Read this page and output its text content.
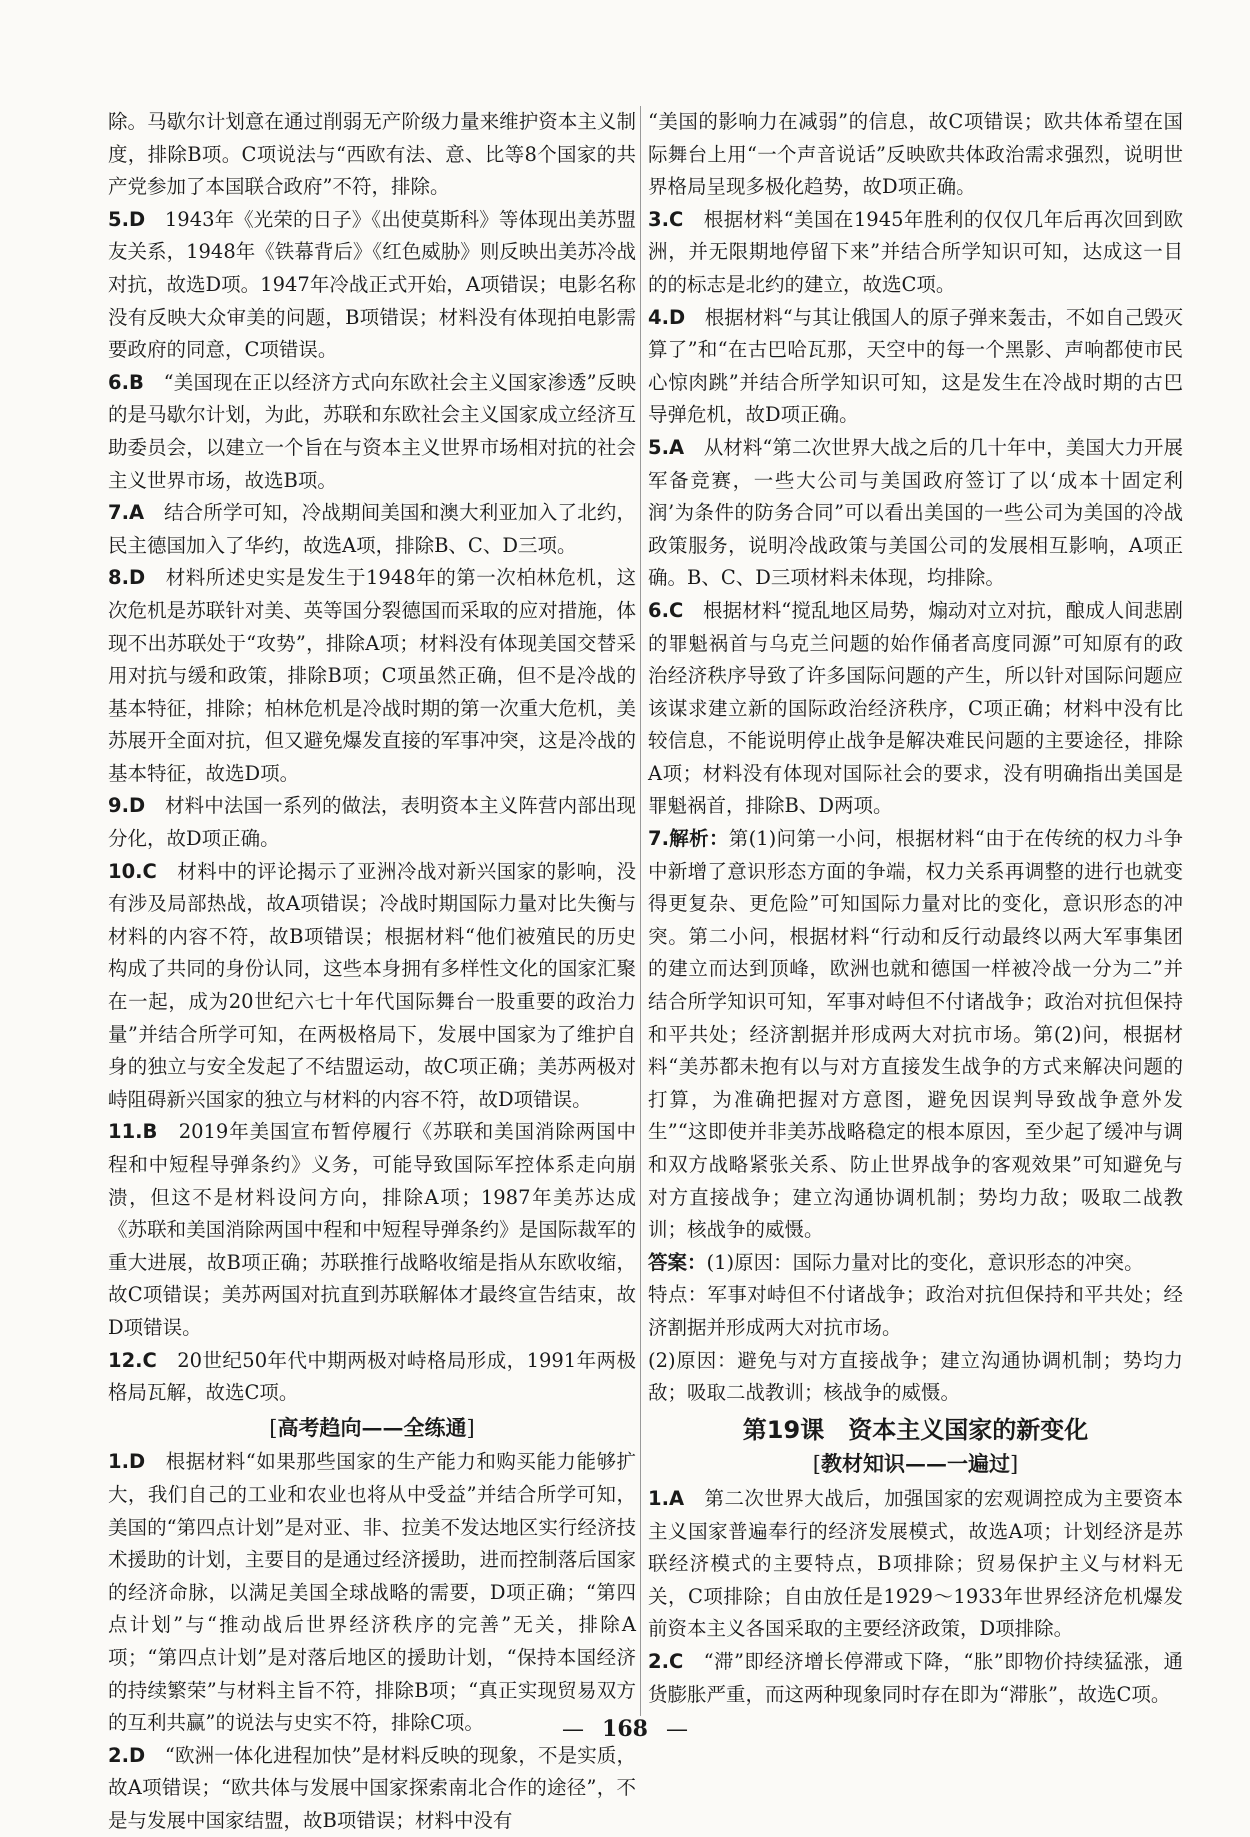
除。马歇尔计划意在通过削弱无产阶级力量来维护资本主义制度，排除B项。C项说法与“西欧有法、意、比等8个国家的共产党参加了本国联合政府”不符，排除。

5.D　 1943年《光荣的日子》《出使莫斯科》等体现出美苏盟友关系，1948年《铁幕背后》《红色威胁》则反映出美苏冷战对抗，故选D项。1947年冷战正式开始，A项错误；电影名称没有反映大众审美的问题，B项错误；材料没有体现拍电影需要政府的同意，C项错误。

6.B　 “美国现在正以经济方式向东欧社会主义国家渗透”反映的是马歇尔计划，为此，苏联和东欧社会主义国家成立经济互助委员会，以建立一个旨在与资本主义世界市场相对抗的社会主义世界市场，故选B项。

7.A　 结合所学可知，冷战期间美国和澳大利亚加入了北约，民主德国加入了华约，故选A项，排除B、C、D三项。

8.D　 材料所述史实是发生于1948年的第一次柏林危机，这次危机是苏联针对美、英等国分裂德国而采取的应对措施，体现不出苏联处于“攻势”，排除A项；材料没有体现美国交替采用对抗与缓和政策，排除B项；C项虽然正确，但不是冷战的基本特征，排除；柏林危机是冷战时期的第一次重大危机，美苏展开全面对抗，但又避免爆发直接的军事冲突，这是冷战的基本特征，故选D项。

9.D　 材料中法国一系列的做法，表明资本主义阵营内部出现分化，故D项正确。

10.C　 材料中的评论揭示了亚洲冷战对新兴国家的影响，没有涉及局部热战，故A项错误；冷战时期国际力量对比失衡与材料的内容不符，故B项错误；根据材料“他们被殖民的历史构成了共同的身份认同，这些本身拥有多样性文化的国家汇聚在一起，成为20世纪六七十年代国际舞台一股重要的政治力量”并结合所学可知，在两极格局下，发展中国家为了维护自身的独立与安全发起了不结盟运动，故C项正确；美苏两极对峙阻碍新兴国家的独立与材料的内容不符，故D项错误。

11.B　 2019年美国宣布暂停履行《苏联和美国消除两国中程和中短程导弹条约》义务，可能导致国际军控体系走向崩溃，但这不是材料设问方向，排除A项；1987年美苏达成《苏联和美国消除两国中程和中短程导弹条约》是国际裁军的重大进展，故B项正确；苏联推行战略收缩是指从东欧收缩，故C项错误；美苏两国对抗直到苏联解体才最终宣告结束，故D项错误。

12.C　 20世纪50年代中期两极对峙格局形成，1991年两极格局瓦解，故选C项。

[高考趋向——全练通]

1.D　 根据材料“如果那些国家的生产能力和购买能力能够扩大，我们自己的工业和农业也将从中受益”并结合所学可知，美国的“第四点计划”是对亚、非、拉美不发达地区实行经济技术援助的计划，主要目的是通过经济援助，进而控制落后国家的经济命脉，以满足美国全球战略的需要，D项正确；“第四点计划”与“推动战后世界经济秩序的完善”无关，排除A项；“第四点计划”是对落后地区的援助计划，“保持本国经济的持续繁荣”与材料主旨不符，排除B项；“真正实现贸易双方的互利共赢”的说法与史实不符，排除C项。

2.D　 “欧洲一体化进程加快”是材料反映的现象，不是实质，故A项错误；“欧共体与发展中国家探索南北合作的途径”，不是与发展中国家结盟，故B项错误；材料中没有

“美国的影响力在减弱”的信息，故C项错误；欧共体希望在国际舞台上用“一个声音说话”反映欧共体政治需求强烈，说明世界格局呈现多极化趋势，故D项正确。

3.C　 根据材料“美国在1945年胜利的仅仅几年后再次回到欧洲，并无限期地停留下来”并结合所学知识可知，达成这一目的的标志是北约的建立，故选C项。

4.D　 根据材料“与其让俄国人的原子弹来轰击，不如自己毁灭算了”和“在古巴哈瓦那，天空中的每一个黑影、声响都使市民心惊肉跳”并结合所学知识可知，这是发生在冷战时期的古巴导弹危机，故D项正确。

5.A　 从材料“第二次世界大战之后的几十年中，美国大力开展军备竞赛，一些大公司与美国政府签订了以‘成本十固定利润’为条件的防务合同”可以看出美国的一些公司为美国的冷战政策服务，说明冷战政策与美国公司的发展相互影响，A项正确。B、C、D三项材料未体现，均排除。

6.C　 根据材料“搅乱地区局势，煽动对立对抗，酿成人间悲剧的罪魁祸首与乌克兰问题的始作俑者高度同源”可知原有的政治经济秩序导致了许多国际问题的产生，所以针对国际问题应该谋求建立新的国际政治经济秩序，C项正确；材料中没有比较信息，不能说明停止战争是解决难民问题的主要途径，排除A项；材料没有体现对国际社会的要求，没有明确指出美国是罪魁祸首，排除B、D两项。

7.解析：第(1)问第一小问，根据材料“由于在传统的权力斗争中新增了意识形态方面的争端，权力关系再调整的进行也就变得更复杂、更危险”可知国际力量对比的变化，意识形态的冲突。第二小问，根据材料“行动和反行动最终以两大军事集团的建立而达到顶峰，欧洲也就和德国一样被冷战一分为二”并结合所学知识可知，军事对峙但不付诸战争；政治对抗但保持和平共处；经济割据并形成两大对抗市场。第(2)问，根据材料“美苏都未抱有以与对方直接发生战争的方式来解决问题的打算，为准确把握对方意图，避免因误判导致战争意外发生”“这即使并非美苏战略稳定的根本原因，至少起了缓冲与调和双方战略紧张关系、防止世界战争的客观效果”可知避免与对方直接战争；建立沟通协调机制；势均力敌；吸取二战教训；核战争的威慑。

答案：(1)原因：国际力量对比的变化，意识形态的冲突。

特点：军事对峙但不付诸战争；政治对抗但保持和平共处；经济割据并形成两大对抗市场。

(2)原因：避免与对方直接战争；建立沟通协调机制；势均力敌；吸取二战教训；核战争的威慑。

第19课　资本主义国家的新变化
[教材知识——一遍过]

1.A　 第二次世界大战后，加强国家的宏观调控成为主要资本主义国家普遍奉行的经济发展模式，故选A项；计划经济是苏联经济模式的主要特点，B项排除；贸易保护主义与材料无关，C项排除；自由放任是1929～1933年世界经济危机爆发前资本主义各国采取的主要经济政策，D项排除。

2.C　 “滞”即经济增长停滞或下降，“胀”即物价持续猛涨，通货膨胀严重，而这两种现象同时存在即为“滞胀”，故选C项。

— 168 —
